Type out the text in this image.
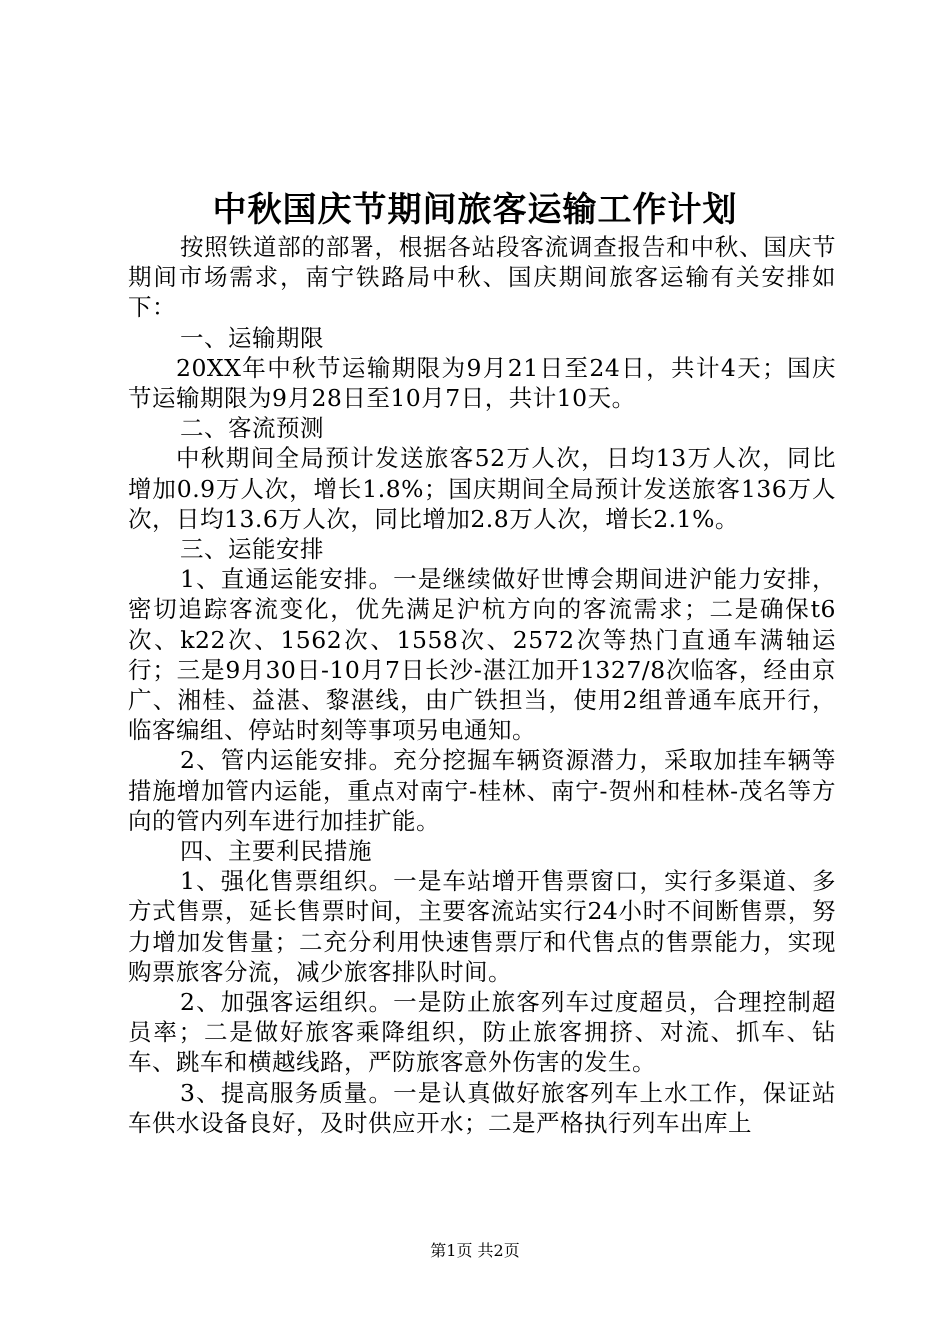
中秋国庆节期间旅客运输工作计划

按照铁道部的部署，根据各站段客流调查报告和中秋、国庆节期间市场需求，南宁铁路局中秋、国庆期间旅客运输有关安排如下：

一、运输期限

20XX年中秋节运输期限为9月21日至24日，共计4天；国庆节运输期限为9月28日至10月7日，共计10天。

二、客流预测

中秋期间全局预计发送旅客52万人次，日均13万人次，同比增加0.9万人次，增长1.8%；国庆期间全局预计发送旅客136万人次，日均13.6万人次，同比增加2.8万人次，增长2.1%。

三、运能安排

1、直通运能安排。一是继续做好世博会期间进沪能力安排，密切追踪客流变化，优先满足沪杭方向的客流需求；二是确保t6次、k22次、1562次、1558次、2572次等热门直通车满轴运行；三是9月30日-10月7日长沙-湛江加开1327/8次临客，经由京广、湘桂、益湛、黎湛线，由广铁担当，使用2组普通车底开行，临客编组、停站时刻等事项另电通知。

2、管内运能安排。充分挖掘车辆资源潜力，采取加挂车辆等措施增加管内运能，重点对南宁-桂林、南宁-贺州和桂林-茂名等方向的管内列车进行加挂扩能。

四、主要利民措施

1、强化售票组织。一是车站增开售票窗口，实行多渠道、多方式售票，延长售票时间，主要客流站实行24小时不间断售票，努力增加发售量；二充分利用快速售票厅和代售点的售票能力，实现购票旅客分流，减少旅客排队时间。

2、加强客运组织。一是防止旅客列车过度超员，合理控制超员率；二是做好旅客乘降组织，防止旅客拥挤、对流、抓车、钻车、跳车和横越线路，严防旅客意外伤害的发生。

3、提高服务质量。一是认真做好旅客列车上水工作，保证站车供水设备良好，及时供应开水；二是严格执行列车出库上

第1页 共2页
